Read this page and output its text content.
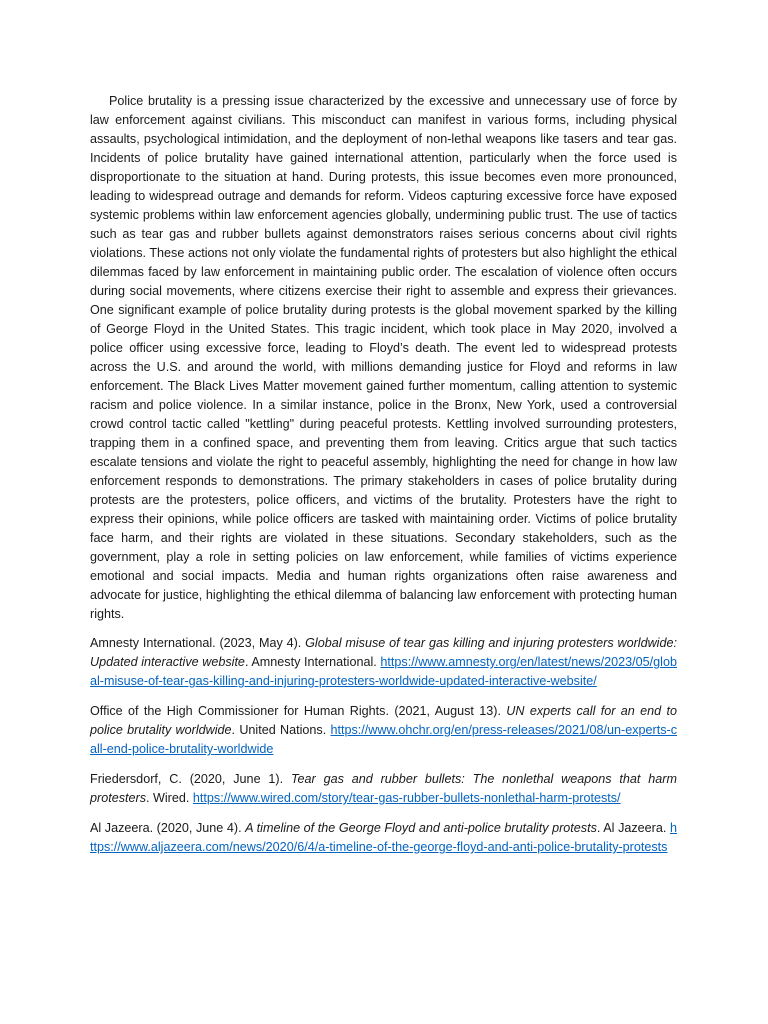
Police brutality is a pressing issue characterized by the excessive and unnecessary use of force by law enforcement against civilians. This misconduct can manifest in various forms, including physical assaults, psychological intimidation, and the deployment of non-lethal weapons like tasers and tear gas. Incidents of police brutality have gained international attention, particularly when the force used is disproportionate to the situation at hand. During protests, this issue becomes even more pronounced, leading to widespread outrage and demands for reform. Videos capturing excessive force have exposed systemic problems within law enforcement agencies globally, undermining public trust. The use of tactics such as tear gas and rubber bullets against demonstrators raises serious concerns about civil rights violations. These actions not only violate the fundamental rights of protesters but also highlight the ethical dilemmas faced by law enforcement in maintaining public order. The escalation of violence often occurs during social movements, where citizens exercise their right to assemble and express their grievances. One significant example of police brutality during protests is the global movement sparked by the killing of George Floyd in the United States. This tragic incident, which took place in May 2020, involved a police officer using excessive force, leading to Floyd’s death. The event led to widespread protests across the U.S. and around the world, with millions demanding justice for Floyd and reforms in law enforcement. The Black Lives Matter movement gained further momentum, calling attention to systemic racism and police violence. In a similar instance, police in the Bronx, New York, used a controversial crowd control tactic called "kettling" during peaceful protests. Kettling involved surrounding protesters, trapping them in a confined space, and preventing them from leaving. Critics argue that such tactics escalate tensions and violate the right to peaceful assembly, highlighting the need for change in how law enforcement responds to demonstrations. The primary stakeholders in cases of police brutality during protests are the protesters, police officers, and victims of the brutality. Protesters have the right to express their opinions, while police officers are tasked with maintaining order. Victims of police brutality face harm, and their rights are violated in these situations. Secondary stakeholders, such as the government, play a role in setting policies on law enforcement, while families of victims experience emotional and social impacts. Media and human rights organizations often raise awareness and advocate for justice, highlighting the ethical dilemma of balancing law enforcement with protecting human rights.

Amnesty International. (2023, May 4). Global misuse of tear gas killing and injuring protesters worldwide: Updated interactive website. Amnesty International. https://www.amnesty.org/en/latest/news/2023/05/global-misuse-of-tear-gas-killing-and-injuring-protesters-worldwide-updated-interactive-website/

Office of the High Commissioner for Human Rights. (2021, August 13). UN experts call for an end to police brutality worldwide. United Nations. https://www.ohchr.org/en/press-releases/2021/08/un-experts-call-end-police-brutality-worldwide

Friedersdorf, C. (2020, June 1). Tear gas and rubber bullets: The nonlethal weapons that harm protesters. Wired. https://www.wired.com/story/tear-gas-rubber-bullets-nonlethal-harm-protests/

Al Jazeera. (2020, June 4). A timeline of the George Floyd and anti-police brutality protests. Al Jazeera. https://www.aljazeera.com/news/2020/6/4/a-timeline-of-the-george-floyd-and-anti-police-brutality-protests
